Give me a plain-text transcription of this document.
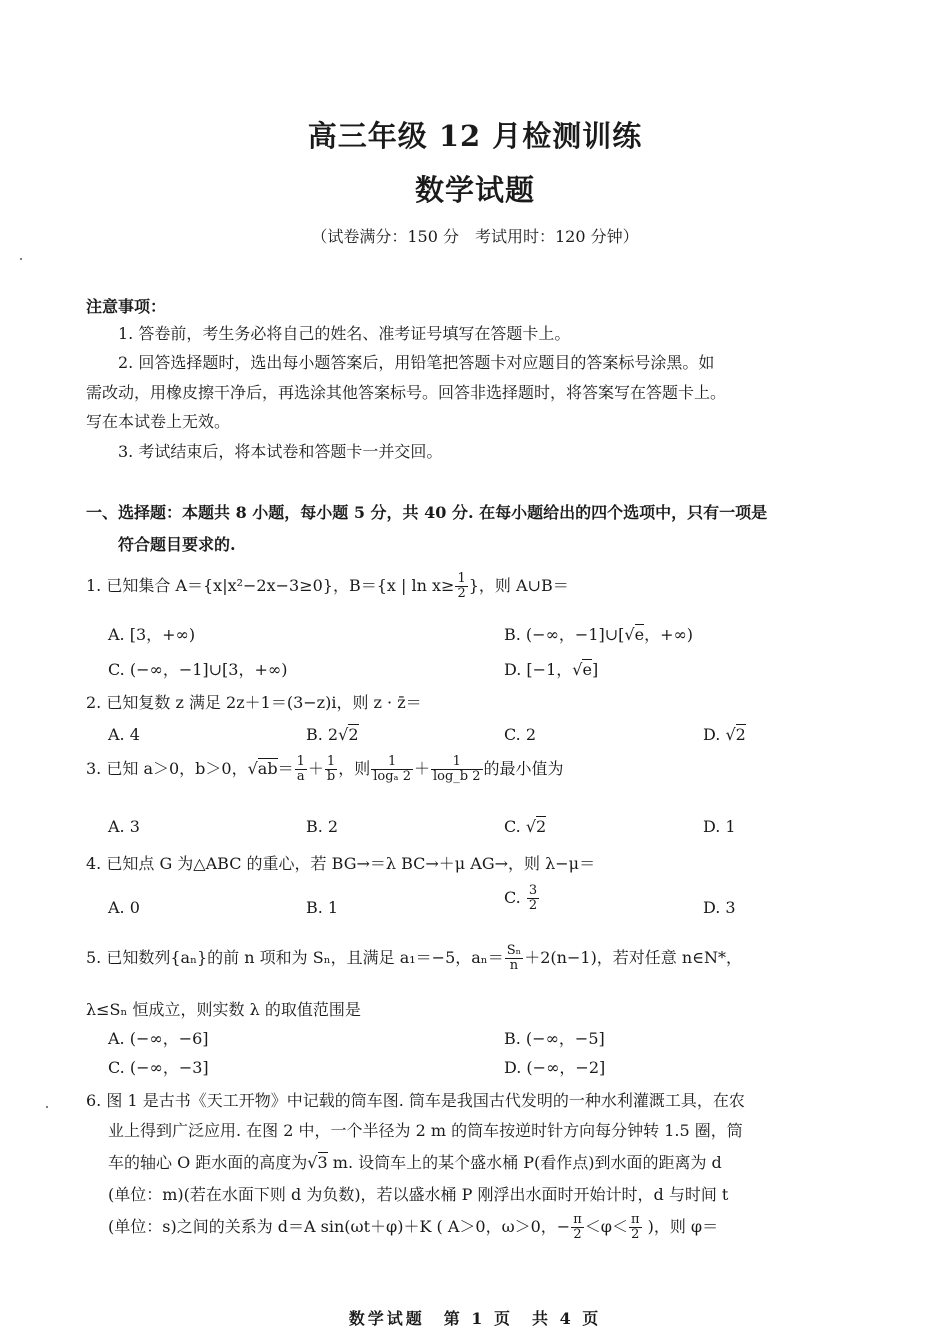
高三年级 12 月检测训练
数学试题
（试卷满分：150 分　考试用时：120 分钟）
注意事项：
1. 答卷前，考生务必将自己的姓名、准考证号填写在答题卡上。
2. 回答选择题时，选出每小题答案后，用铅笔把答题卡对应题目的答案标号涂黑。如
需改动，用橡皮擦干净后，再选涂其他答案标号。回答非选择题时，将答案写在答题卡上。
写在本试卷上无效。
3. 考试结束后，将本试卷和答题卡一并交回。
一、选择题：本题共 8 小题，每小题 5 分，共 40 分. 在每小题给出的四个选项中，只有一项是
符合题目要求的.
1. 已知集合 A＝{x|x²−2x−3≥0}，B＝{x | $\ln x\ge \frac{1}{2}$ }，则 A∪B＝
A. [3，+∞)	B. (−∞，−1]∪[√e，+∞)
C. (−∞，−1]∪[3，+∞)	D. [−1，√e]
2. 已知复数 z 满足 2z＋1＝(3−z)i，则 z · z̄＝
A. 4	B. 2√2	C. 2	D. √2
3. 已知 a＞0，b＞0，$√ab= \frac{1}{a} + \frac{1}{b}$ ，则 $\frac{1}{\text{logₐ 2}} + \frac{1}{\log\_b 2}$ 的最小值为
A. 3	B. 2	C. √2	D. 1
4. 已知点 G 为△ABC 的重心，若 BG→＝λ BC→＋μ AG→，则 λ−μ＝
A. 0	B. 1
C. $\frac{3}{2}$	D. 3
5. 已知数列{aₙ}的前 n 项和为 Sₙ，且满足 a₁＝−5，$a_n= \frac{\text{Sₙ}}{n} +2(n-1)$，若对任意 n∈N*，
λ≤Sₙ 恒成立，则实数 λ 的取值范围是
A. (−∞，−6]	B. (−∞，−5]
C. (−∞，−3]	D. (−∞，−2]
6. 图 1 是古书《天工开物》中记载的筒车图. 筒车是我国古代发明的一种水利灌溉工具，在农
业上得到广泛应用. 在图 2 中，一个半径为 2 m 的筒车按逆时针方向每分钟转 1.5 圈，筒
车的轴心 O 距水面的高度为√3 m. 设筒车上的某个盛水桶 P(看作点)到水面的距离为 d
(单位：m)(若在水面下则 d 为负数)，若以盛水桶 P 刚浮出水面时开始计时，d 与时间 t
(单位：s)之间的关系为 d＝A sin(ωt＋φ)＋K ( A＞0，ω＞0，− $\frac{\pi}{2} <\varphi< \frac{\pi}{2}$ )，则 φ＝
数学试题　第 1 页　共 4 页
